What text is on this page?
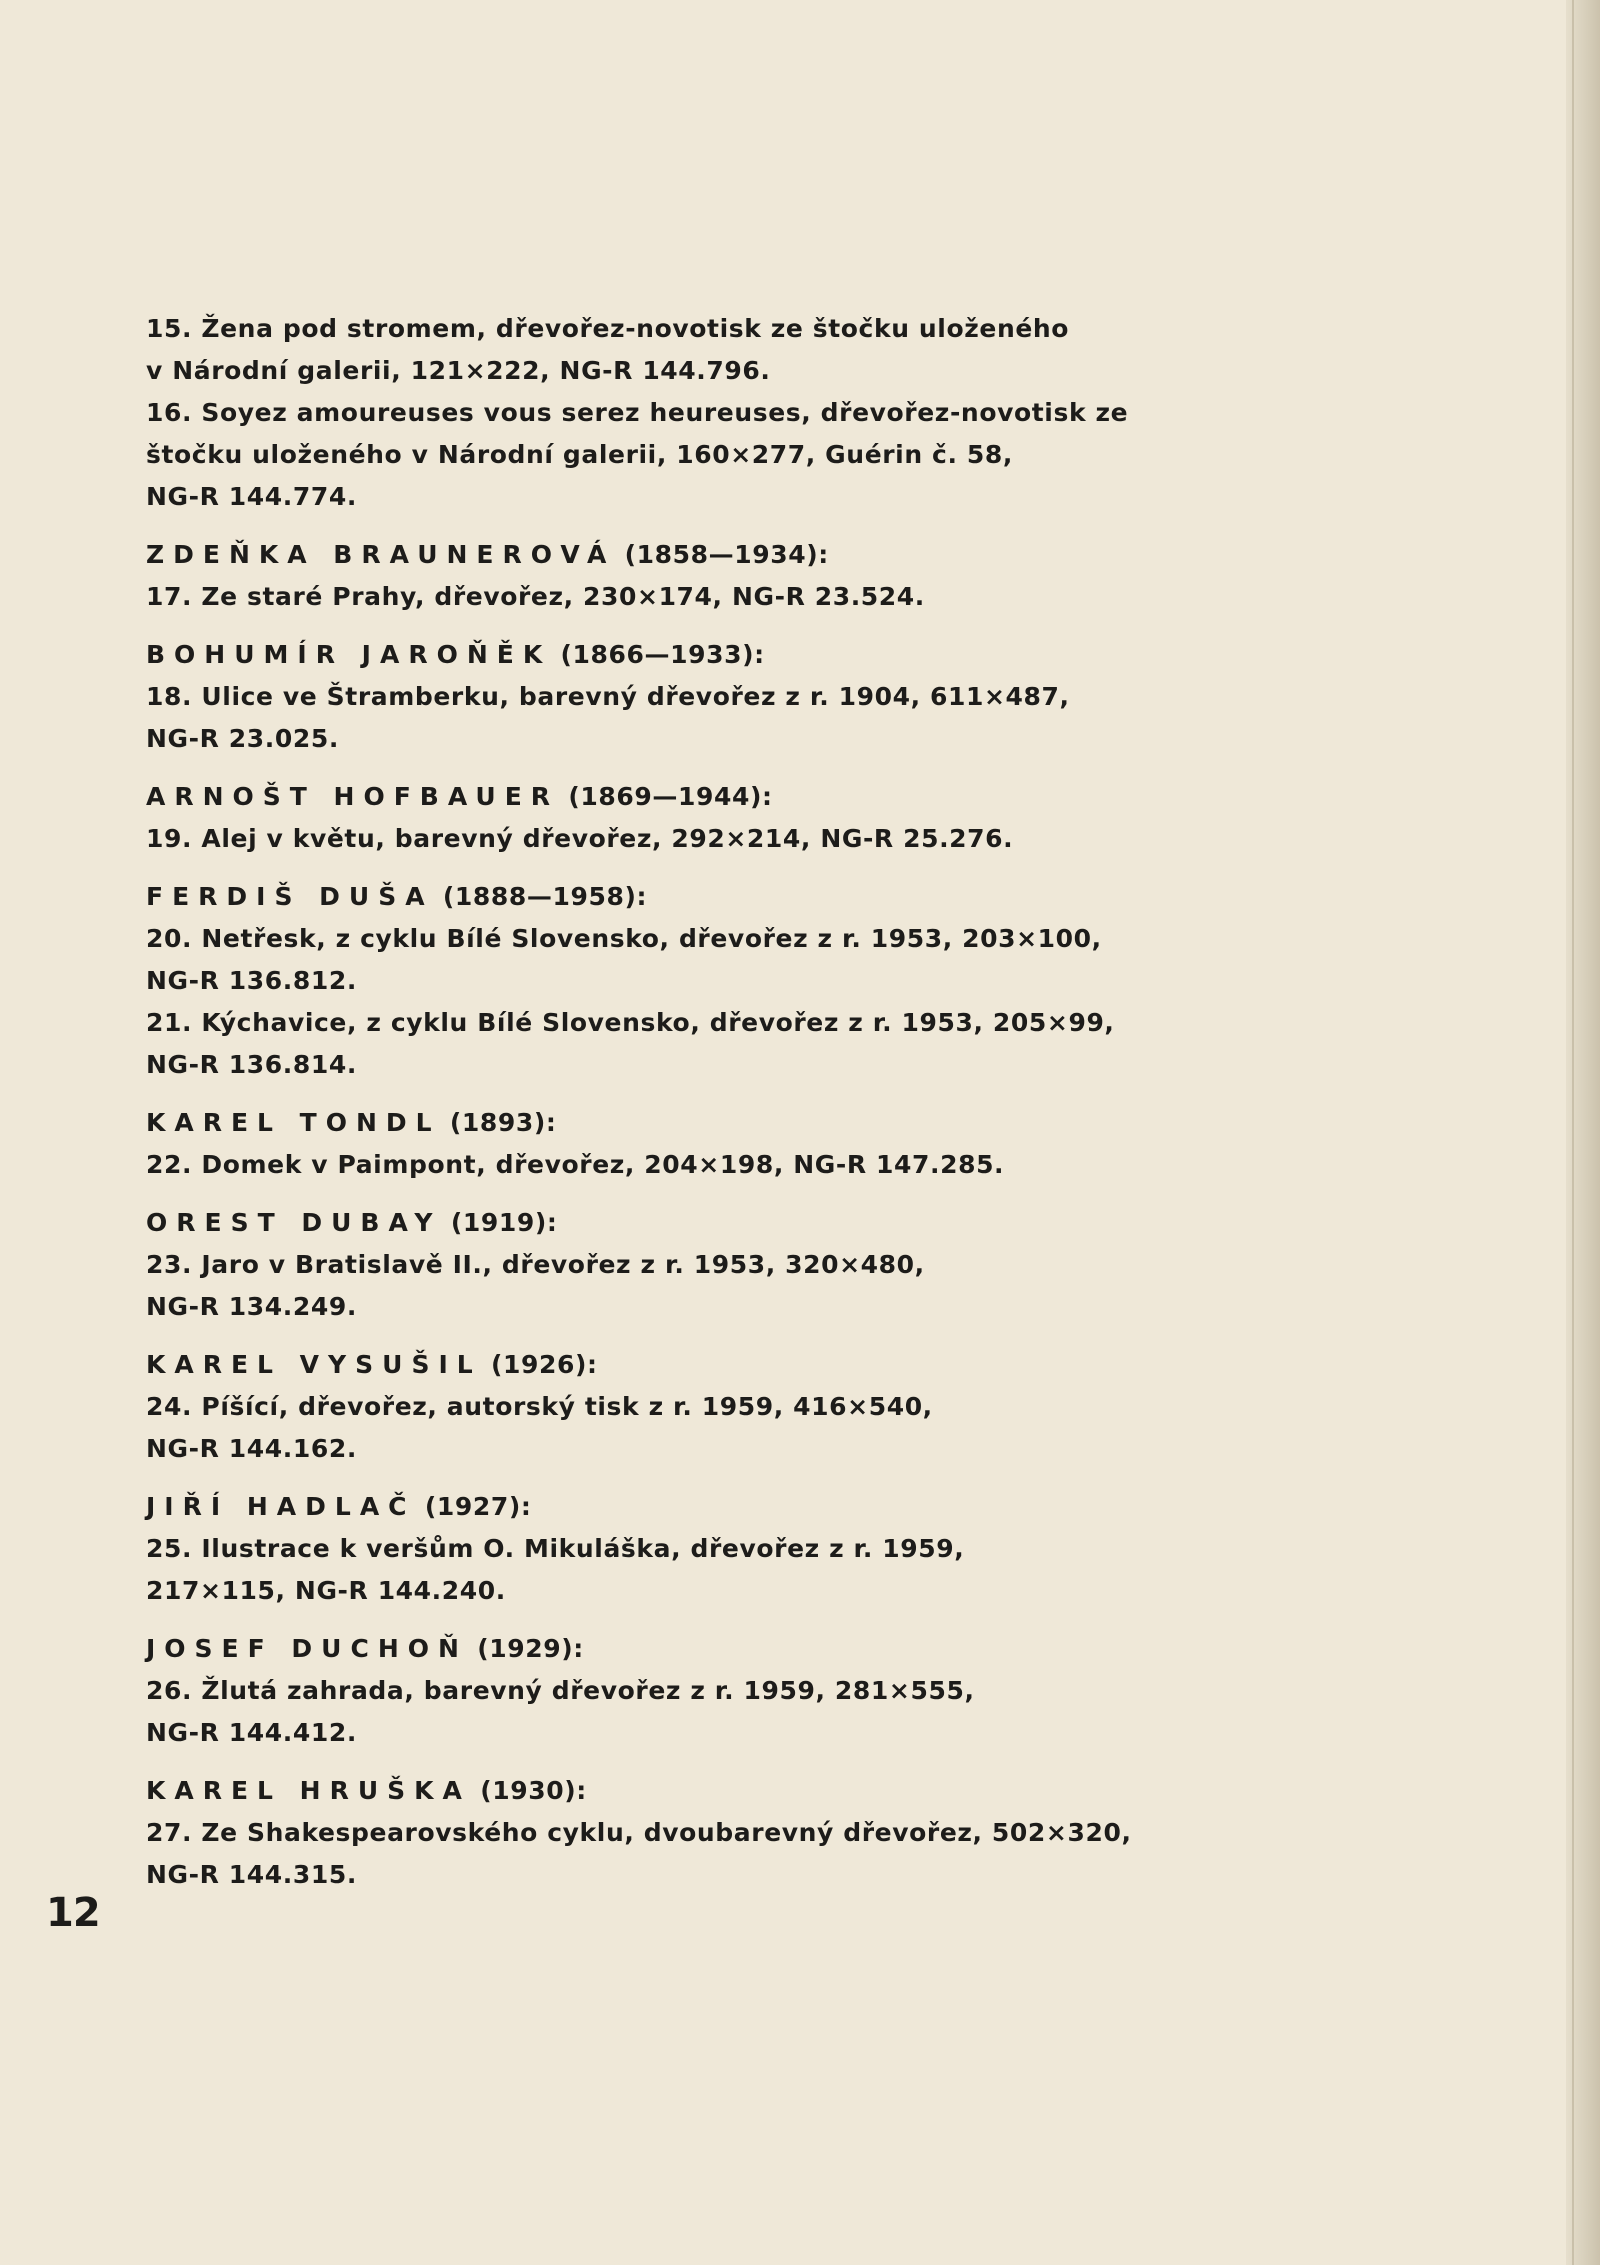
15. Žena pod stromem, dřevořez-novotisk ze štočku uloženého
v Národní galerii, 121×222, NG-R 144.796.
16. Soyez amoureuses vous serez heureuses, dřevořez-novotisk ze
štočku uloženého v Národní galerii, 160×277, Guérin č. 58,
NG-R 144.774.
ZDEŇKA BRAUNEROVÁ (1858—1934):
17. Ze staré Prahy, dřevořez, 230×174, NG-R 23.524.
BOHUMÍR JAROŇĚK (1866—1933):
18. Ulice ve Štramberku, barevný dřevořez z r. 1904, 611×487,
NG-R 23.025.
ARNOŠT HOFBAUER (1869—1944):
19. Alej v květu, barevný dřevořez, 292×214, NG-R 25.276.
FERDIŠ DUŠA (1888—1958):
20. Netřesk, z cyklu Bílé Slovensko, dřevořez z r. 1953, 203×100,
NG-R 136.812.
21. Kýchavice, z cyklu Bílé Slovensko, dřevořez z r. 1953, 205×99,
NG-R 136.814.
KAREL TONDL (1893):
22. Domek v Paimpont, dřevořez, 204×198, NG-R 147.285.
OREST DUBAY (1919):
23. Jaro v Bratislavě II., dřevořez z r. 1953, 320×480,
NG-R 134.249.
KAREL VYSUŠIL (1926):
24. Píšící, dřevořez, autorský tisk z r. 1959, 416×540,
NG-R 144.162.
JIŘÍ HADLAČ (1927):
25. Ilustrace k veršům O. Mikuláška, dřevořez z r. 1959,
217×115, NG-R 144.240.
JOSEF DUCHOŇ (1929):
26. Žlutá zahrada, barevný dřevořez z r. 1959, 281×555,
NG-R 144.412.
KAREL HRUŠKA (1930):
27. Ze Shakespearovského cyklu, dvoubarevný dřevořez, 502×320,
NG-R 144.315.
12
